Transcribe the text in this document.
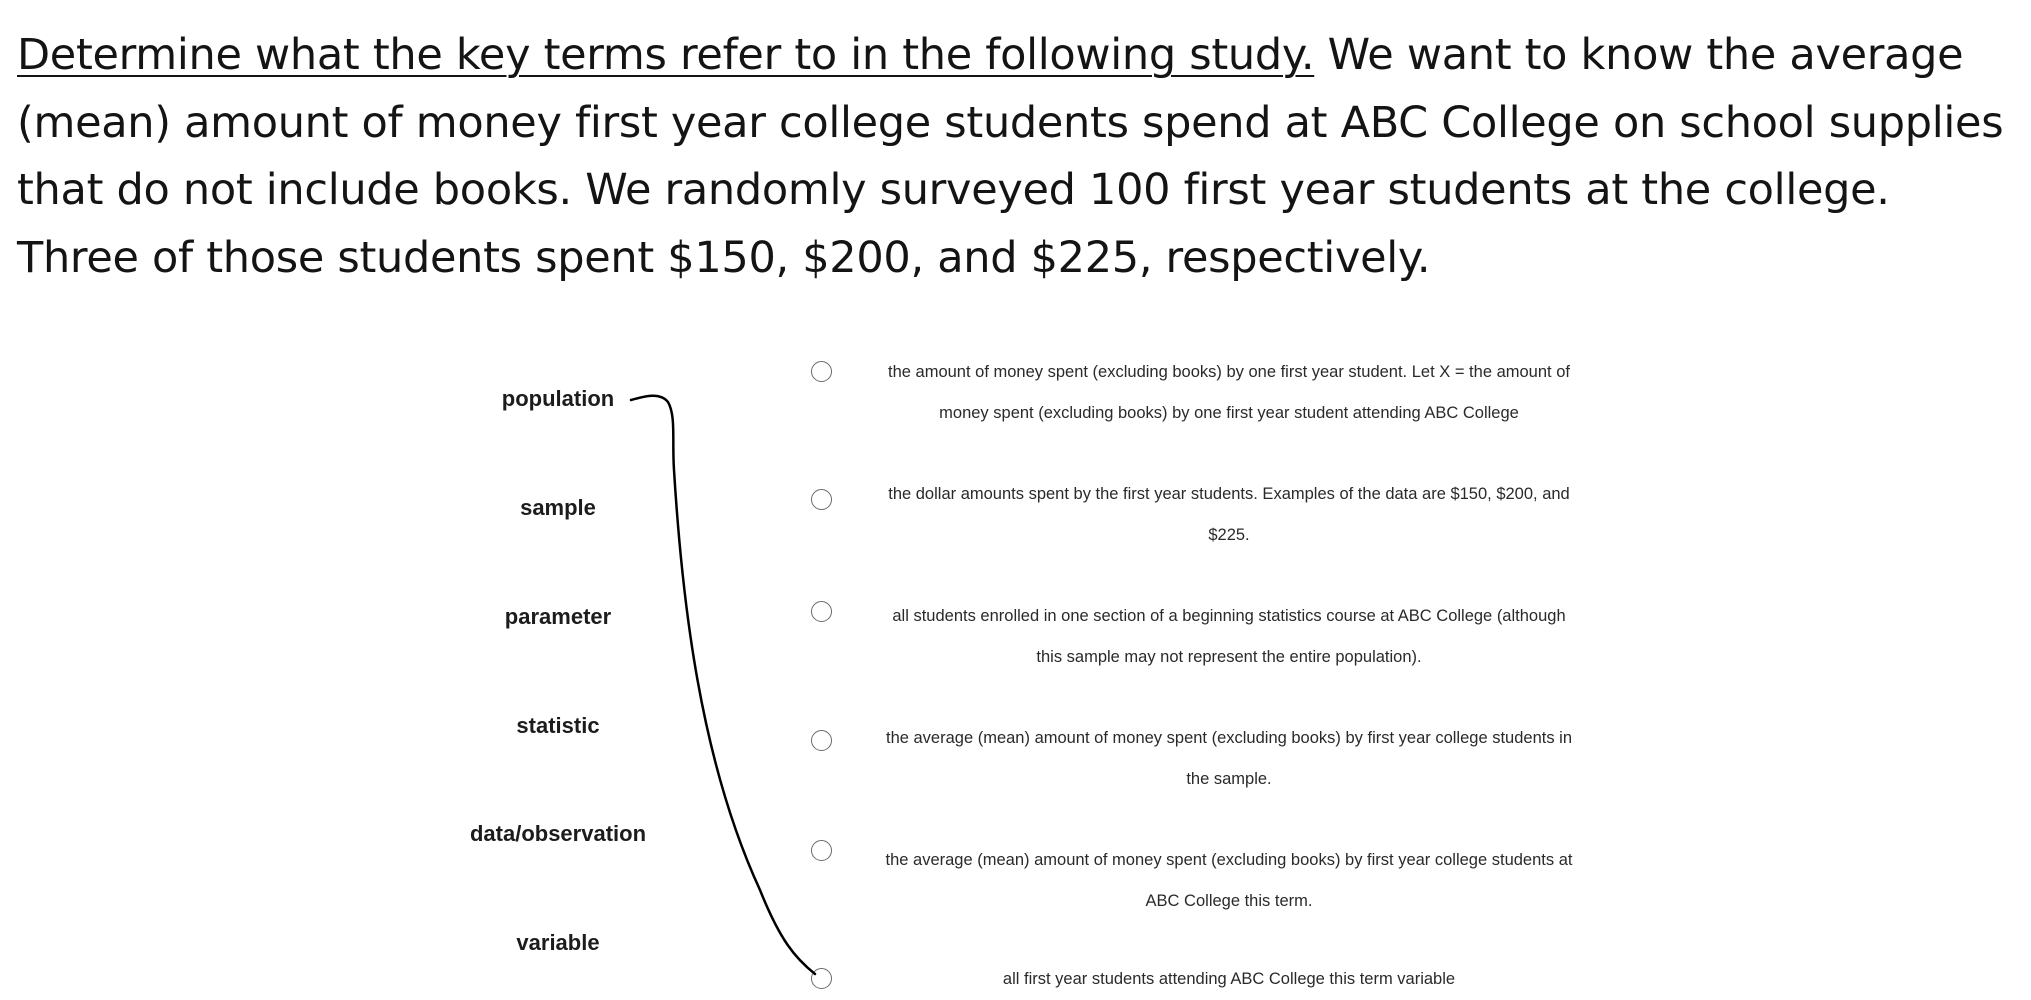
Determine what the key terms refer to in the following study. We want to know the average
(mean) amount of money first year college students spend at ABC College on school supplies
that do not include books. We randomly surveyed 100 first year students at the college.
Three of those students spent $150, $200, and $225, respectively.
population
sample
parameter
statistic
data/observation
variable
the amount of money spent (excluding books) by one first year student. Let X = the amount of
money spent (excluding books) by one first year student attending ABC College
the dollar amounts spent by the first year students. Examples of the data are $150, $200, and
$225.
all students enrolled in one section of a beginning statistics course at ABC College (although
this sample may not represent the entire population).
the average (mean) amount of money spent (excluding books) by first year college students in
the sample.
the average (mean) amount of money spent (excluding books) by first year college students at
ABC College this term.
all first year students attending ABC College this term variable
